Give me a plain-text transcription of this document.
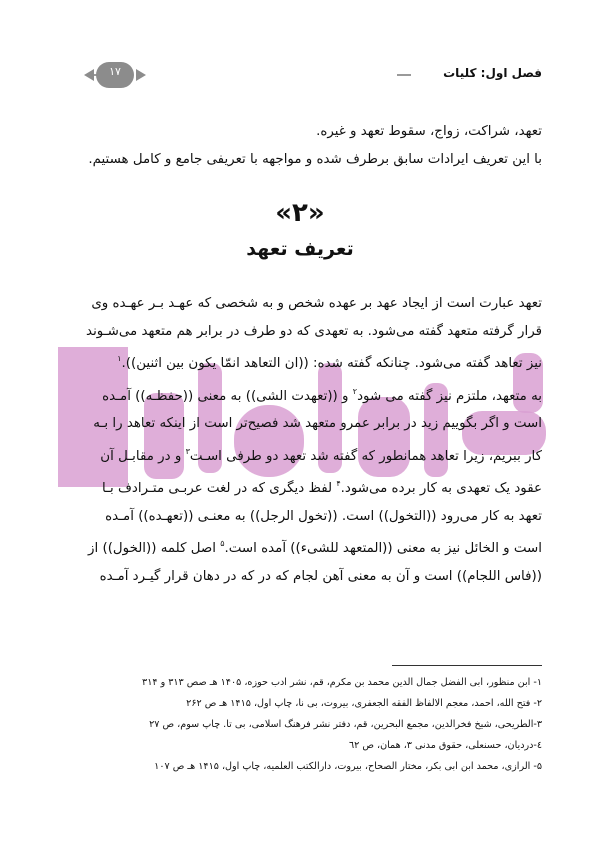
فصل اول: کلیات
۱۷
تعهد، شراکت، زواج، سقوط تعهد و غیره.
با این تعریف ایرادات سابق برطرف شده و مواجهه با تعریفی جامع و کامل هستیم.
«۲»
تعریف تعهد
تعهد عبارت است از ایجاد عهد بر عهده شخص و به شخصی که عهـد بـر عهـده وی
قرار گرفته متعهد گفته می‌شود. به تعهدی که دو طرف در برابر هم متعهد می‌شـوند
نیز تعاهد گفته می‌شود. چنانکه گفته شده: ((ان التعاهد انمّا یکون بین اثنین)).$^۱$
به متعهد، ملتزم نیز گفته می شود$^۲$ و ((تعهدت الشی)) به معنی ((حفظـه)) آمـده
است و اگر بگوییم زید در برابر عمرو متعهد شد فصیح‌تر است از اینکه تعاهد را بـه
کار ببریم، زیرا تعاهد همانطور که گفته شد تعهد دو طرفی اسـت$^۳$ و در مقابـل آن
عقود یک تعهدی به کار برده می‌شود.$^۴$ لفظ دیگری که در لغت عربـی متـرادف بـا
تعهد به کار می‌رود ((التخول)) است. ((تخول الرجل)) به معنـی ((تعهـده)) آمـده
است و الخائل نیز به معنی ((المتعهد للشیء)) آمده است.$^۵$ اصل کلمه ((الخول)) از
((فاس اللجام)) است و آن به معنی آهن لجام که در که در دهان قرار گیـرد آمـده
۱- ابن منظور، ابی الفضل جمال الدین محمد بن مکرم، قم، نشر ادب حوزه، ۱۴۰۵ هـ صص ۳۱۳ و ۳۱۴
۲- فتح الله، احمد، معجم الالفاظ الفقه الجعفری، بیروت، بی نا، چاپ اول، ۱۴۱۵ هـ ص ۲۶۲
۳-الطریحی، شیخ فخرالدین، مجمع البحرین، قم، دفتر نشر فرهنگ اسلامی، بی تا. چاپ سوم، ص ۲۷
٤-دردیان، حسنعلی، حقوق مدنی ۳، همان، ص ٦۲
۵- الرازی، محمد ابن ابی بکر، مختار الصحاح، بیروت، دارالکتب العلمیه، چاپ اول، ۱۴۱۵ هـ ص ۱۰۷
